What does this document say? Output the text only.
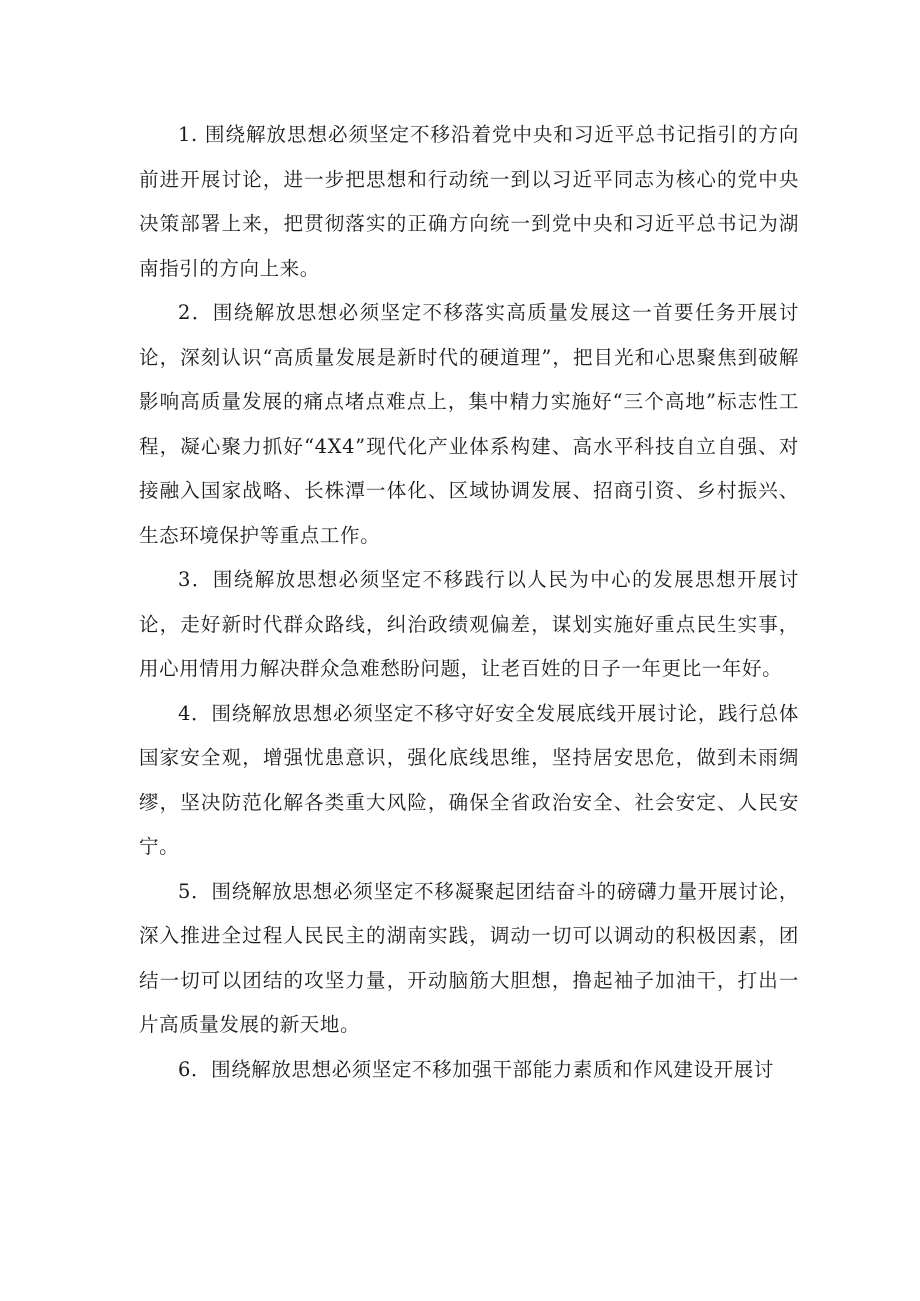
1. 围绕解放思想必须坚定不移沿着党中央和习近平总书记指引的方向前进开展讨论，进一步把思想和行动统一到以习近平同志为核心的党中央决策部署上来，把贯彻落实的正确方向统一到党中央和习近平总书记为湖南指引的方向上来。

2．围绕解放思想必须坚定不移落实高质量发展这一首要任务开展讨论，深刻认识“高质量发展是新时代的硬道理”，把目光和心思聚焦到破解影响高质量发展的痛点堵点难点上，集中精力实施好“三个高地”标志性工程，凝心聚力抓好“4X4”现代化产业体系构建、高水平科技自立自强、对接融入国家战略、长株潭一体化、区域协调发展、招商引资、乡村振兴、生态环境保护等重点工作。

3．围绕解放思想必须坚定不移践行以人民为中心的发展思想开展讨论，走好新时代群众路线，纠治政绩观偏差，谋划实施好重点民生实事，用心用情用力解决群众急难愁盼问题，让老百姓的日子一年更比一年好。

4．围绕解放思想必须坚定不移守好安全发展底线开展讨论，践行总体国家安全观，增强忧患意识，强化底线思维，坚持居安思危，做到未雨绸缪，坚决防范化解各类重大风险，确保全省政治安全、社会安定、人民安宁。

5．围绕解放思想必须坚定不移凝聚起团结奋斗的磅礴力量开展讨论，深入推进全过程人民民主的湖南实践，调动一切可以调动的积极因素，团结一切可以团结的攻坚力量，开动脑筋大胆想，撸起袖子加油干，打出一片高质量发展的新天地。

6．围绕解放思想必须坚定不移加强干部能力素质和作风建设开展讨
